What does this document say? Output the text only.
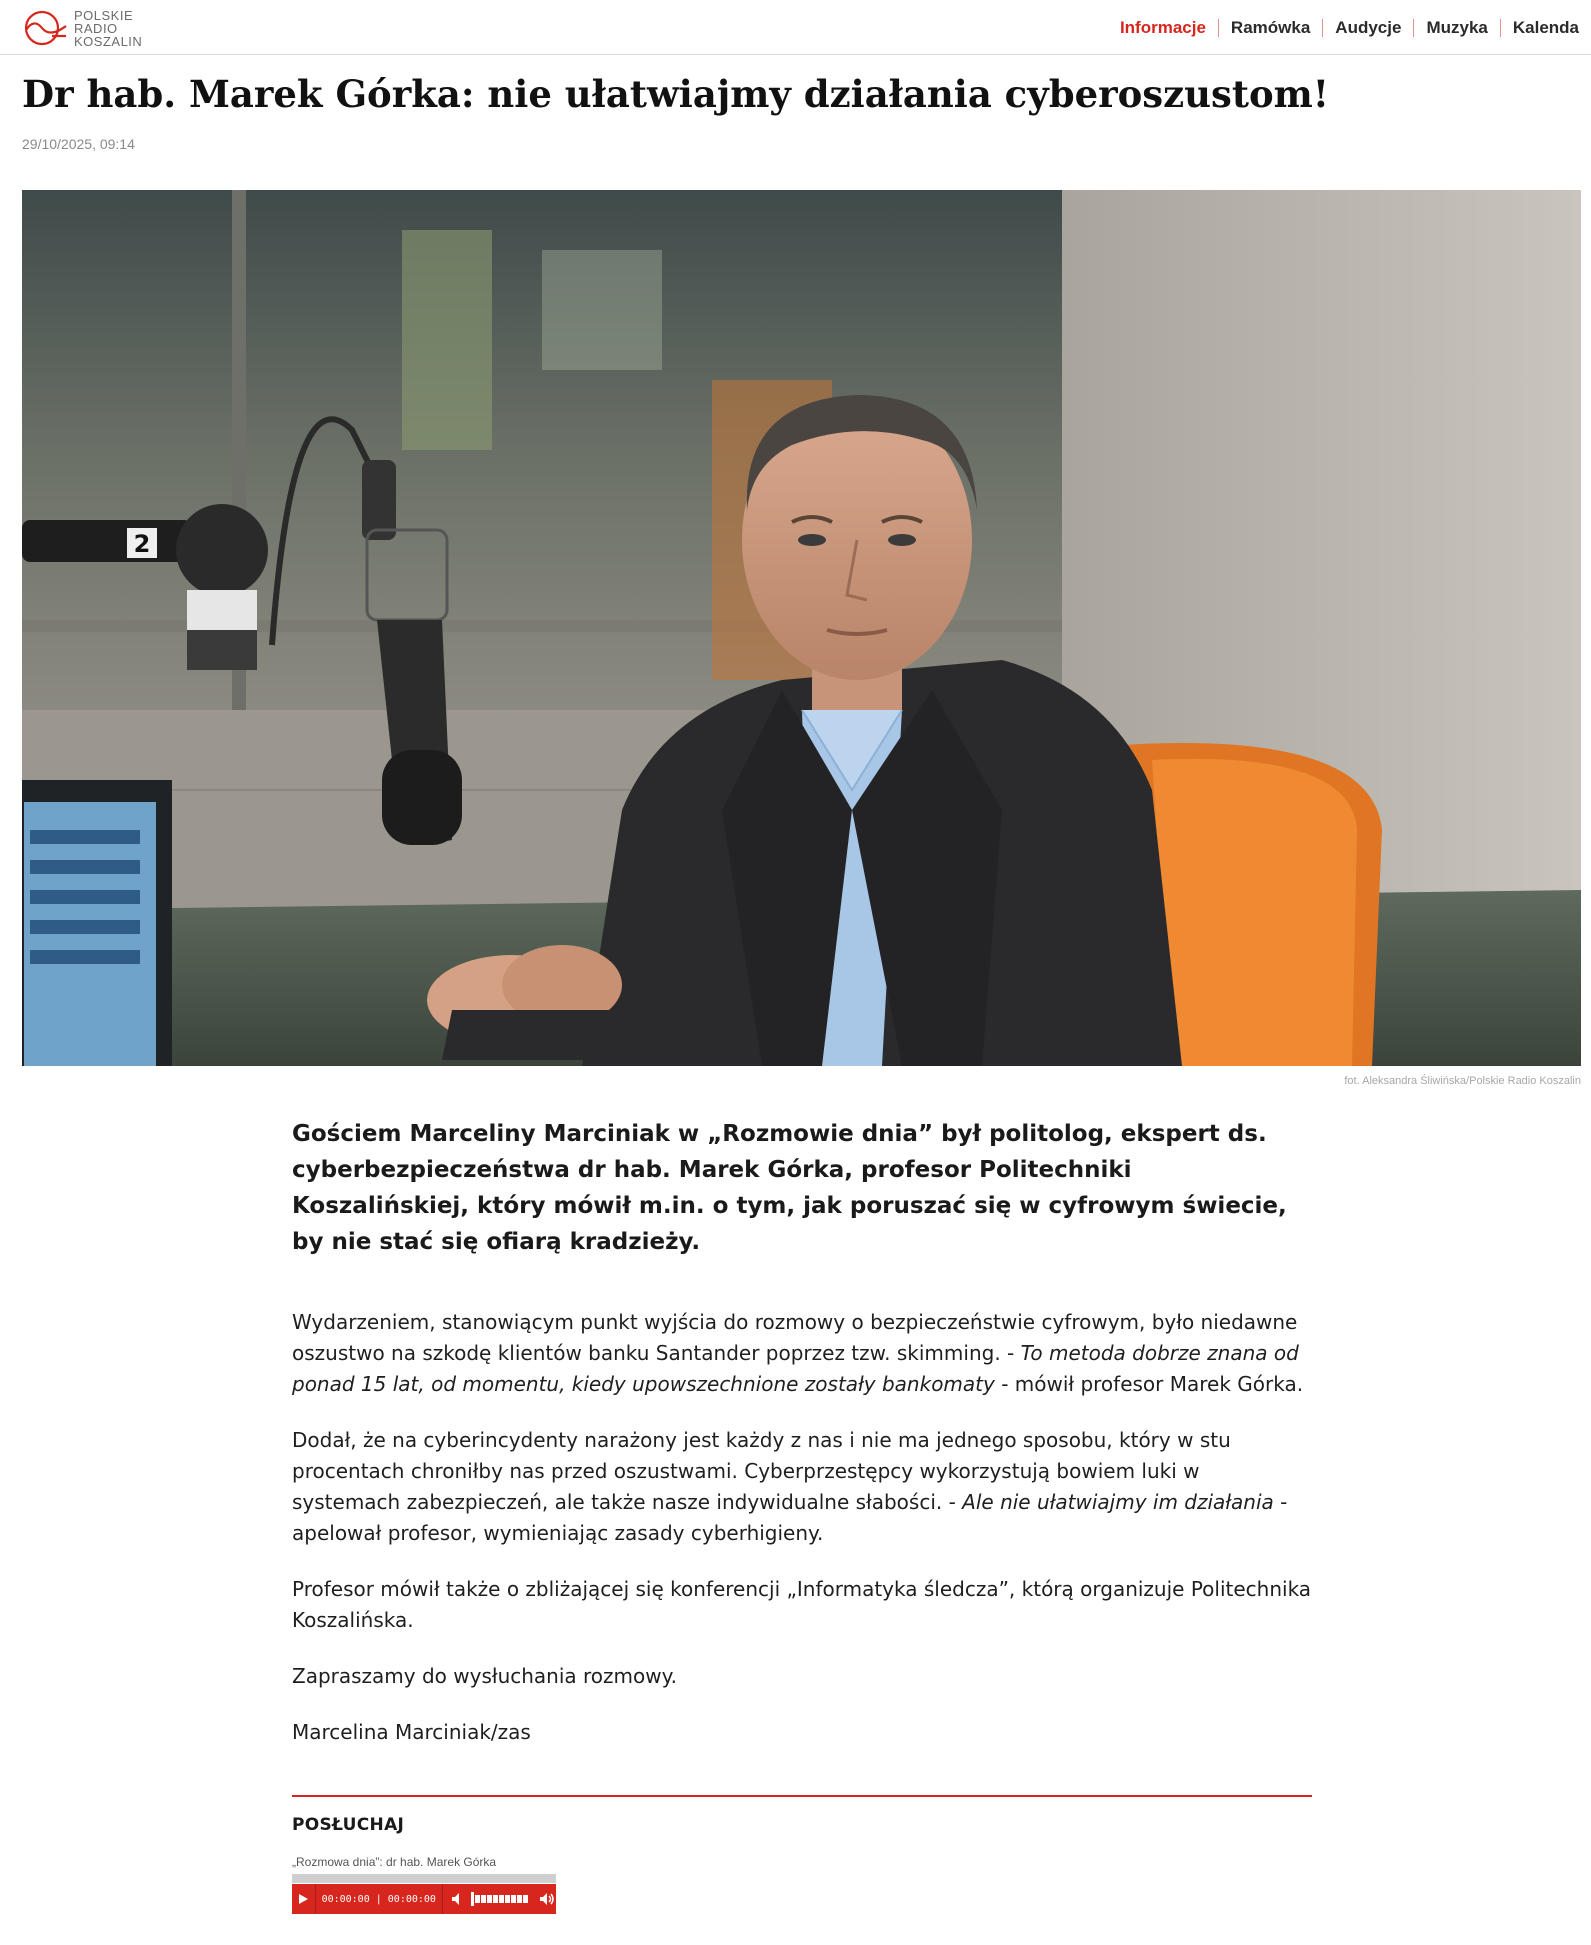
POLSKIE
RADIO
KOSZALIN
Informacje	Ramówka	Audycje	Muzyka	Kalenda
Dr hab. Marek Górka: nie ułatwiajmy działania cyberoszustom!
29/10/2025, 09:14
2
fot. Aleksandra Śliwińska/Polskie Radio Koszalin

Gościem Marceliny Marciniak w „Rozmowie dnia” był politolog, ekspert ds. cyberbezpieczeństwa dr hab. Marek Górka, profesor Politechniki Koszalińskiej, który mówił m.in. o tym, jak poruszać się w cyfrowym świecie, by nie stać się ofiarą kradzieży.

Wydarzeniem, stanowiącym punkt wyjścia do rozmowy o bezpieczeństwie cyfrowym, było niedawne oszustwo na szkodę klientów banku Santander poprzez tzw. skimming. - To metoda dobrze znana od ponad 15 lat, od momentu, kiedy upowszechnione zostały bankomaty - mówił profesor Marek Górka.

Dodał, że na cyberincydenty narażony jest każdy z nas i nie ma jednego sposobu, który w stu procentach chroniłby nas przed oszustwami. Cyberprzestępcy wykorzystują bowiem luki w systemach zabezpieczeń, ale także nasze indywidualne słabości. - Ale nie ułatwiajmy im działania - apelował profesor, wymieniając zasady cyberhigieny.

Profesor mówił także o zbliżającej się konferencji „Informatyka śledcza”, którą organizuje Politechnika Koszalińska.

Zapraszamy do wysłuchania rozmowy.

Marcelina Marciniak/zas

POSŁUCHAJ
„Rozmowa dnia”: dr hab. Marek Górka
00:00:00 | 00:00:00
